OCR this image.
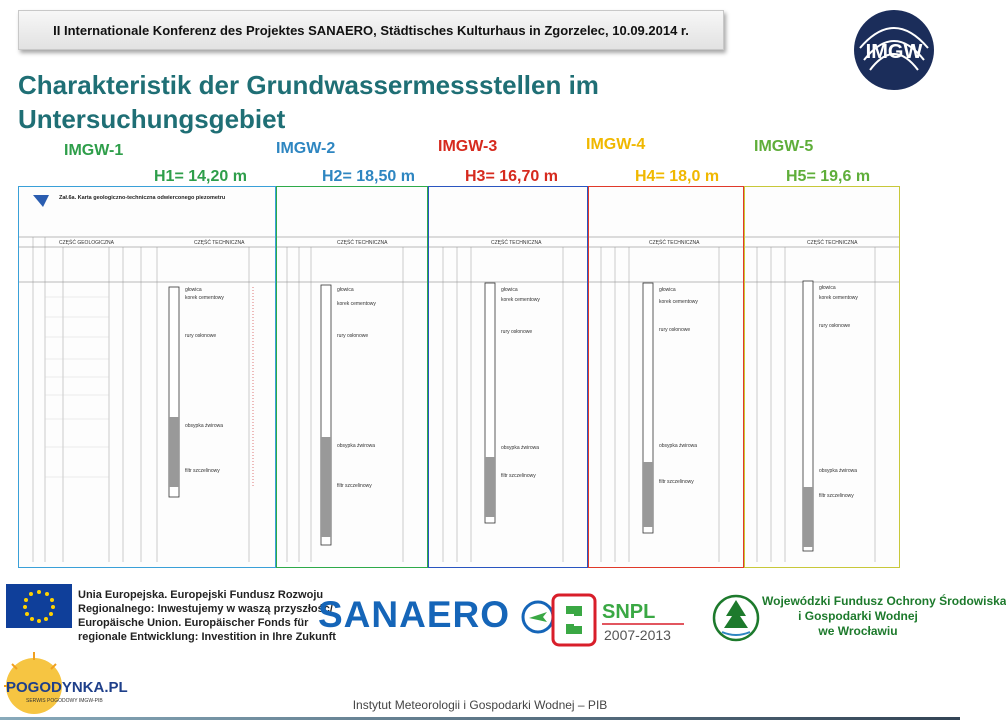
II Internationale Konferenz des Projektes SANAERO, Städtisches Kulturhaus in Zgorzelec, 10.09.2014 r.
IMGW
Charakteristik der Grundwassermessstellen im
Untersuchungsgebiet
IMGW-1	IMGW-2	IMGW-3	IMGW-4	IMGW-5
H1= 14,20 m	H2= 18,50 m	H3= 16,70 m	H4= 18,0 m	H5= 19,6 m
Zał.6a. Karta geologiczno-techniczna odwierconego piezometru
CZĘŚĆ GEOLOGICZNA	CZĘŚĆ TECHNICZNA
głowica
korek cementowy
rury osłonowe
obsypka żwirowa
filtr szczelinowy
CZĘŚĆ TECHNICZNA
głowica
korek cementowy
rury osłonowe
obsypka żwirowa
filtr szczelinowy
CZĘŚĆ TECHNICZNA
głowica
korek cementowy
rury osłonowe
obsypka żwirowa
filtr szczelinowy
CZĘŚĆ TECHNICZNA
głowica
korek cementowy
rury osłonowe
obsypka żwirowa
filtr szczelinowy
CZĘŚĆ TECHNICZNA
głowica
korek cementowy
rury osłonowe
obsypka żwirowa
filtr szczelinowy
Unia Europejska. Europejski Fundusz Rozwoju
Regionalnego: Inwestujemy w waszą przyszłość/
Europäische Union. Europäischer Fonds für
regionale Entwicklung: Investition in Ihre Zukunft
SANAERO	SNPL
2007-2013
Wojewódzki Fundusz Ochrony Środowiska
i Gospodarki Wodnej
we Wrocławiu
POGODYNKA.PL
SERWIS POGODOWY IMGW-PIB	Instytut Meteorologii i Gospodarki Wodnej – PIB
